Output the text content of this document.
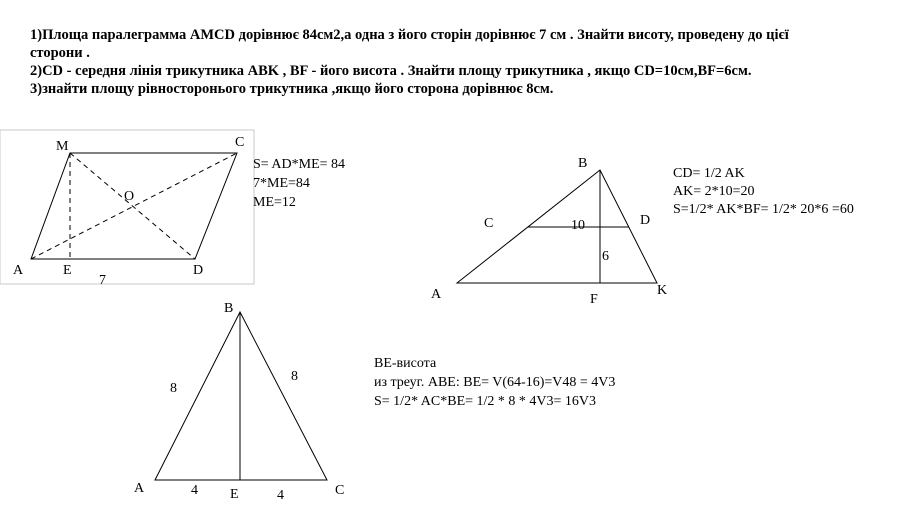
1)Площа паралеграмма AMCD дорівнює 84см2,а одна з його сторін дорівнює 7 см . Знайти висоту, проведену до цієї
сторони .
2)CD - середня лінія трикутника ABK , BF - його висота . Знайти площу трикутника , якщо CD=10см,BF=6см.
3)знайти площу рівносторонього трикутника ,якщо його сторона дорівнює 8см.
M	C
O
A	E	D
7
S= AD*ME= 84
7*ME=84
ME=12
B
C	D
10
6
A	F
K
CD= 1/2 AK
AK= 2*10=20
S=1/2* AK*BF= 1/2* 20*6 =60
B
8
8
A	4 E	4	C
BE-висота
из треуг. ABE: BE= V(64-16)=V48 = 4V3
S= 1/2* AC*BE= 1/2 * 8 * 4V3= 16V3
